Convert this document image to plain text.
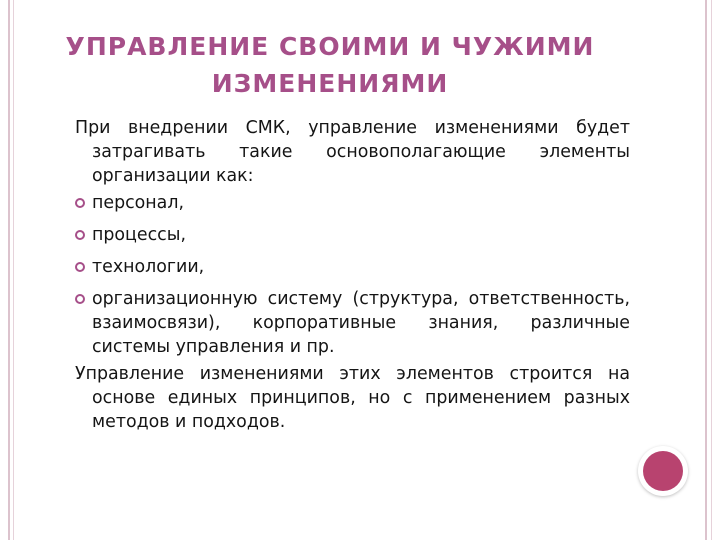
УПРАВЛЕНИЕ СВОИМИ И ЧУЖИМИ ИЗМЕНЕНИЯМИ

При внедрении СМК, управление изменениями будет затрагивать такие основополагающие элементы организации как:

персонал,
процессы,
технологии,
организационную систему (структура, ответственность, взаимосвязи), корпоративные знания, различные системы управления и пр.

Управление изменениями этих элементов строится на основе единых принципов, но с применением разных методов и подходов.
